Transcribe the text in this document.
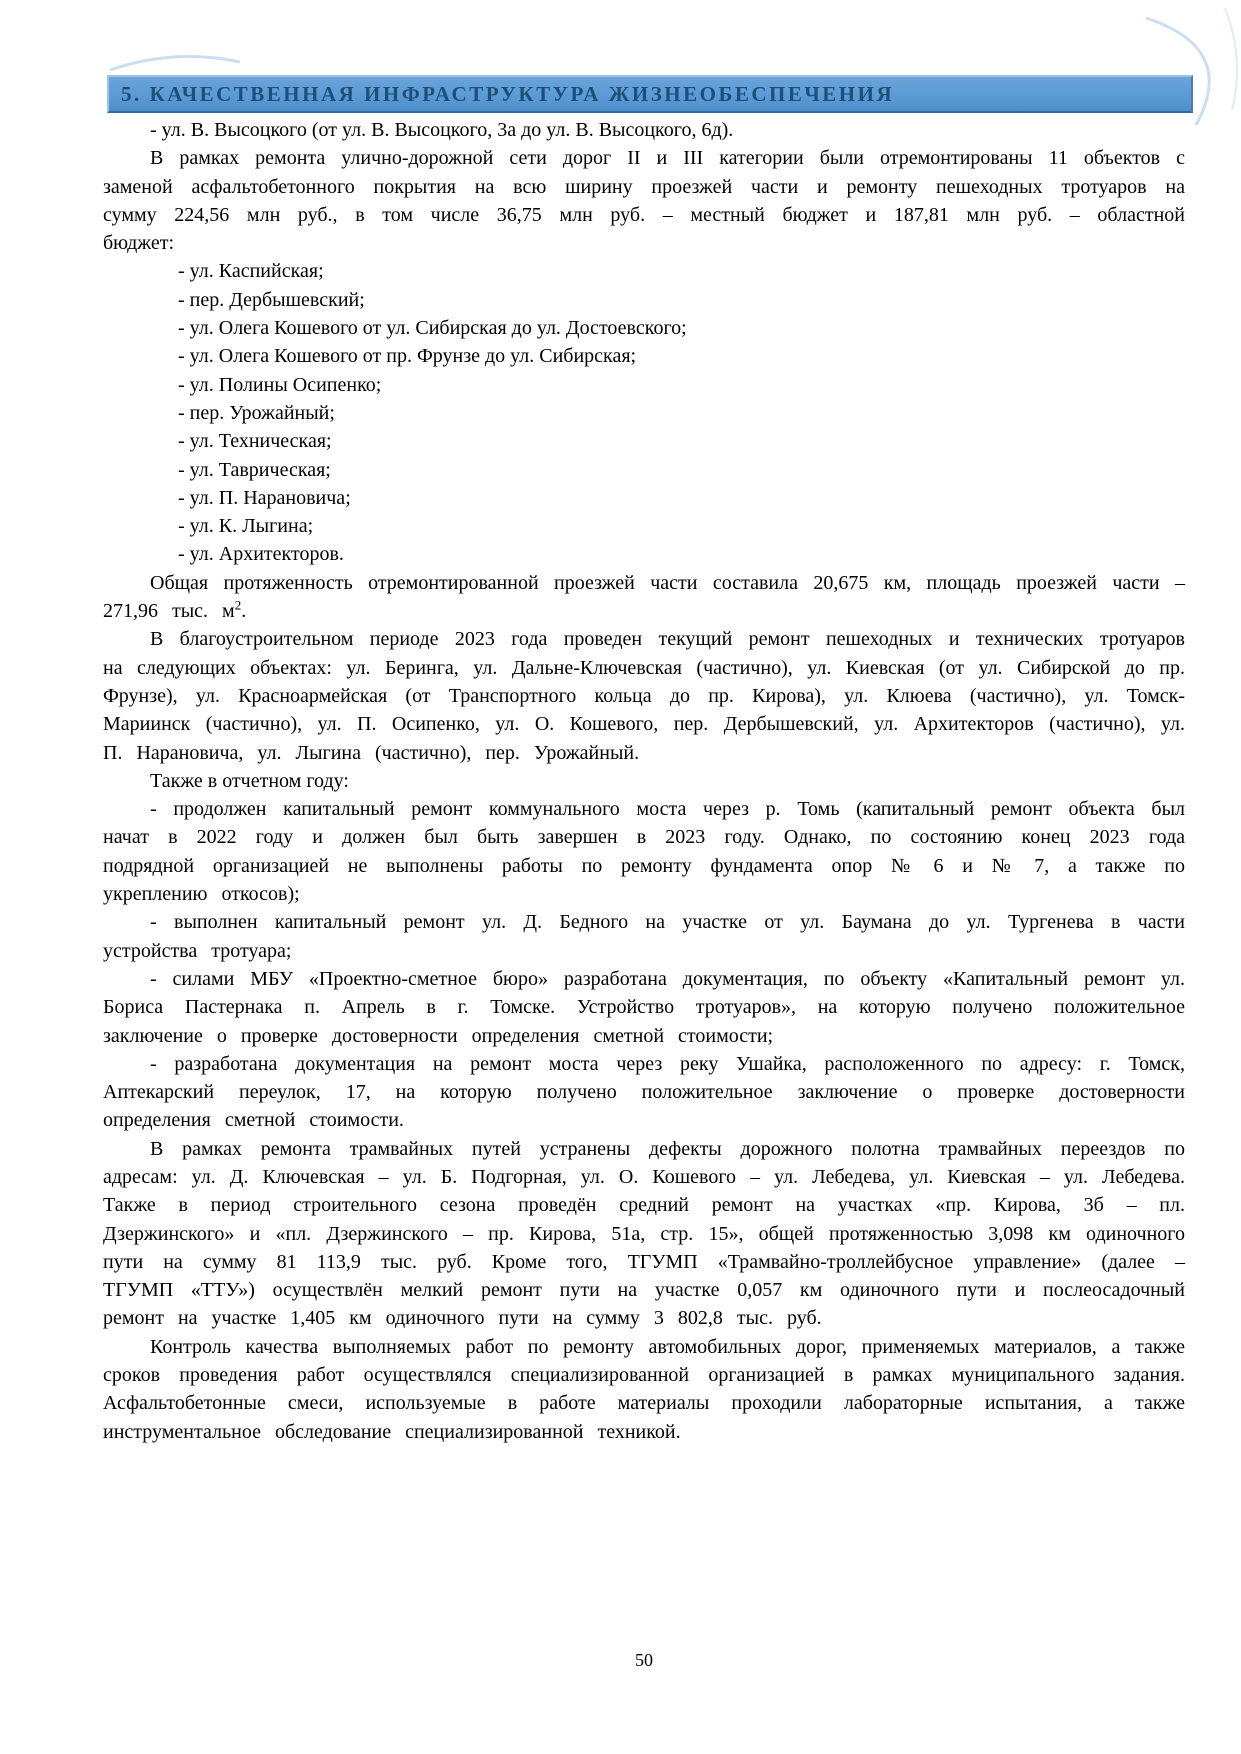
5. КАЧЕСТВЕННАЯ ИНФРАСТРУКТУРА ЖИЗНЕОБЕСПЕЧЕНИЯ

- ул. В. Высоцкого (от ул. В. Высоцкого, 3а до ул. В. Высоцкого, 6д).

В рамках ремонта улично-дорожной сети дорог II и III категории были отремонтированы 11 объектов с заменой асфальтобетонного покрытия на всю ширину проезжей части и ремонту пешеходных тротуаров на сумму 224,56 млн руб., в том числе 36,75 млн руб. – местный бюджет и 187,81 млн руб. – областной бюджет:

- ул. Каспийская;
- пер. Дербышевский;
- ул. Олега Кошевого от ул. Сибирская до ул. Достоевского;
- ул. Олега Кошевого от пр. Фрунзе до ул. Сибирская;
- ул. Полины Осипенко;
- пер. Урожайный;
- ул. Техническая;
- ул. Таврическая;
- ул. П. Нарановича;
- ул. К. Лыгина;
- ул. Архитекторов.

Общая протяженность отремонтированной проезжей части составила 20,675 км, площадь проезжей части – 271,96 тыс. $м^2$.

В благоустроительном периоде 2023 года проведен текущий ремонт пешеходных и технических тротуаров на следующих объектах: ул. Беринга, ул. Дальне-Ключевская (частично), ул. Киевская (от ул. Сибирской до пр. Фрунзе), ул. Красноармейская (от Транспортного кольца до пр. Кирова), ул. Клюева (частично), ул. Томск-Мариинск (частично), ул. П. Осипенко, ул. О. Кошевого, пер. Дербышевский, ул. Архитекторов (частично), ул. П. Нарановича, ул. Лыгина (частично), пер. Урожайный.

Также в отчетном году:

- продолжен капитальный ремонт коммунального моста через р. Томь (капитальный ремонт объекта был начат в 2022 году и должен был быть завершен в 2023 году. Однако, по состоянию конец 2023 года подрядной организацией не выполнены работы по ремонту фундамента опор № 6 и № 7, а также по укреплению откосов);

- выполнен капитальный ремонт ул. Д. Бедного на участке от ул. Баумана до ул. Тургенева в части устройства тротуара;

- силами МБУ «Проектно-сметное бюро» разработана документация, по объекту «Капитальный ремонт ул. Бориса Пастернака п. Апрель в г. Томске. Устройство тротуаров», на которую получено положительное заключение о проверке достоверности определения сметной стоимости;

- разработана документация на ремонт моста через реку Ушайка, расположенного по адресу: г. Томск, Аптекарский переулок, 17, на которую получено положительное заключение о проверке достоверности определения сметной стоимости.

В рамках ремонта трамвайных путей устранены дефекты дорожного полотна трамвайных переездов по адресам: ул. Д. Ключевская – ул. Б. Подгорная, ул. О. Кошевого – ул. Лебедева, ул. Киевская – ул. Лебедева. Также в период строительного сезона проведён средний ремонт на участках «пр. Кирова, 3б – пл. Дзержинского» и «пл. Дзержинского – пр. Кирова, 51а, стр. 15», общей протяженностью 3,098 км одиночного пути на сумму 81 113,9 тыс. руб. Кроме того, ТГУМП «Трамвайно-троллейбусное управление» (далее – ТГУМП «ТТУ») осуществлён мелкий ремонт пути на участке 0,057 км одиночного пути и послеосадочный ремонт на участке 1,405 км одиночного пути на сумму 3 802,8 тыс. руб.

Контроль качества выполняемых работ по ремонту автомобильных дорог, применяемых материалов, а также сроков проведения работ осуществлялся специализированной организацией в рамках муниципального задания. Асфальтобетонные смеси, используемые в работе материалы проходили лабораторные испытания, а также инструментальное обследование специализированной техникой.

50
